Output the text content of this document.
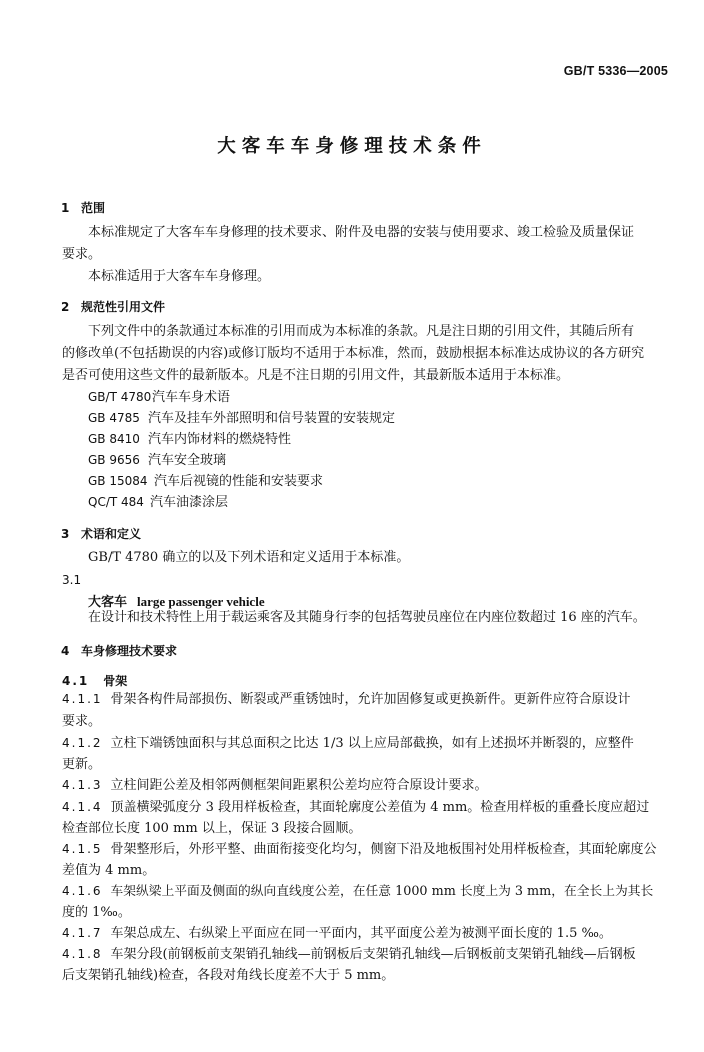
GB/T 5336—2005
大客车车身修理技术条件
1 范围
本标准规定了大客车车身修理的技术要求、附件及电器的安装与使用要求、竣工检验及质量保证
要求。
本标准适用于大客车车身修理。
2 规范性引用文件
下列文件中的条款通过本标准的引用而成为本标准的条款。凡是注日期的引用文件，其随后所有
的修改单(不包括勘误的内容)或修订版均不适用于本标准，然而，鼓励根据本标准达成协议的各方研究
是否可使用这些文件的最新版本。凡是不注日期的引用文件，其最新版本适用于本标准。
GB/T 4780汽车车身术语
GB 4785 汽车及挂车外部照明和信号装置的安装规定
GB 8410 汽车内饰材料的燃烧特性
GB 9656 汽车安全玻璃
GB 15084 汽车后视镜的性能和安装要求
QC/T 484 汽车油漆涂层
3 术语和定义
GB/T 4780 确立的以及下列术语和定义适用于本标准。
3.1
大客车 large passenger vehicle
在设计和技术特性上用于载运乘客及其随身行李的包括驾驶员座位在内座位数超过 16 座的汽车。
4 车身修理技术要求
4.1 骨架
4.1.1 骨架各构件局部损伤、断裂或严重锈蚀时，允许加固修复或更换新件。更新件应符合原设计
要求。
4.1.2 立柱下端锈蚀面积与其总面积之比达 1/3 以上应局部截换，如有上述损坏并断裂的，应整件
更新。
4.1.3 立柱间距公差及相邻两侧框架间距累积公差均应符合原设计要求。
4.1.4 顶盖横梁弧度分 3 段用样板检查，其面轮廓度公差值为 4 mm。检查用样板的重叠长度应超过
检查部位长度 100 mm 以上，保证 3 段接合圆顺。
4.1.5 骨架整形后，外形平整、曲面衔接变化均匀，侧窗下沿及地板围衬处用样板检查，其面轮廓度公
差值为 4 mm。
4.1.6 车架纵梁上平面及侧面的纵向直线度公差，在任意 1000 mm 长度上为 3 mm，在全长上为其长
度的 1‰。
4.1.7 车架总成左、右纵梁上平面应在同一平面内，其平面度公差为被测平面长度的 1.5 ‰。
4.1.8 车架分段(前钢板前支架销孔轴线—前钢板后支架销孔轴线—后钢板前支架销孔轴线—后钢板
后支架销孔轴线)检查，各段对角线长度差不大于 5 mm。
